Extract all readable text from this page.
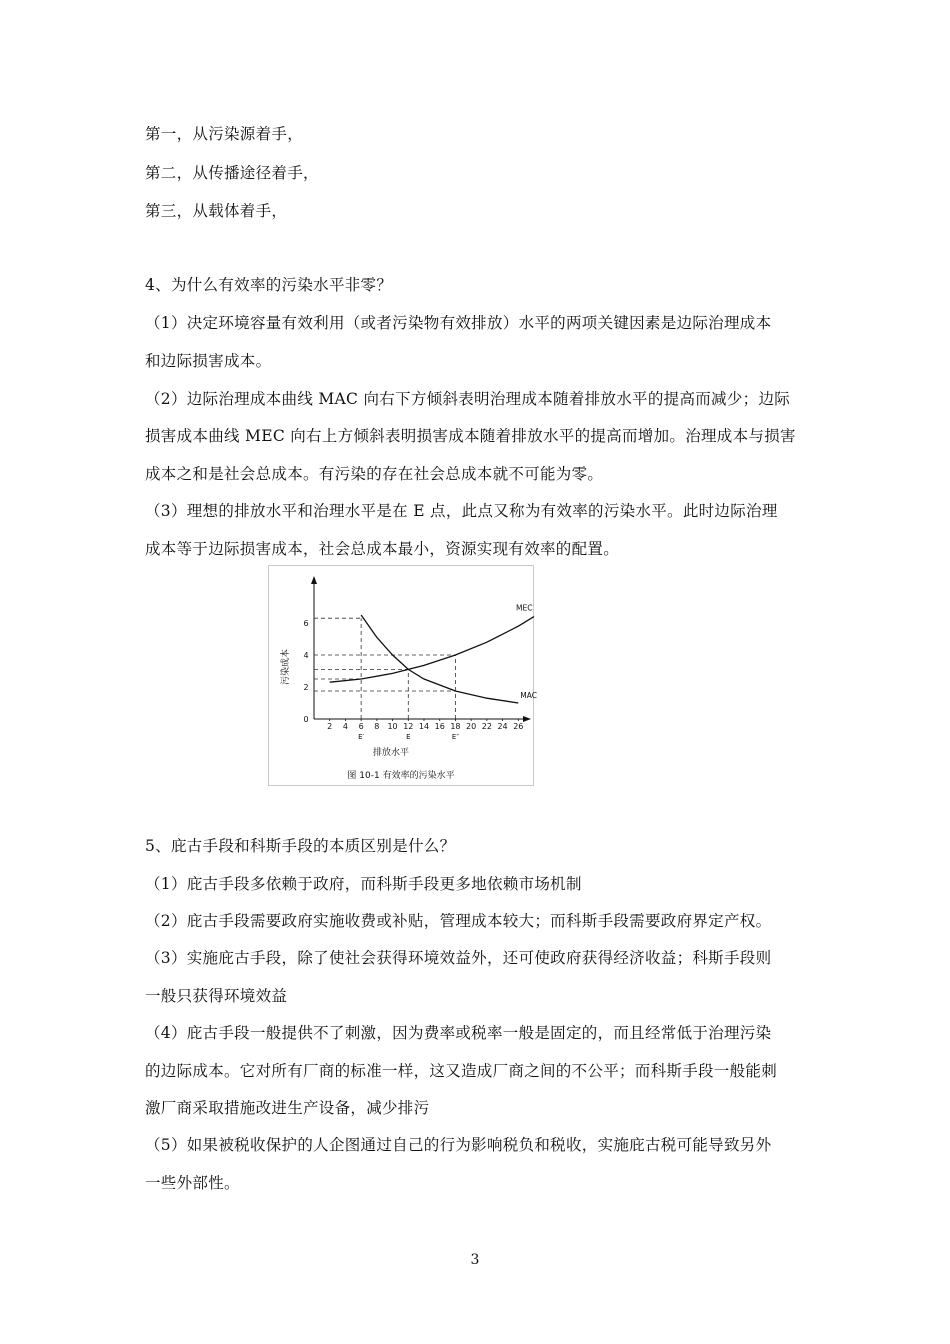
第一，从污染源着手，
第二，从传播途径着手，
第三，从载体着手，
4、为什么有效率的污染水平非零？
（1）决定环境容量有效利用（或者污染物有效排放）水平的两项关键因素是边际治理成本
和边际损害成本。
（2）边际治理成本曲线 MAC 向右下方倾斜表明治理成本随着排放水平的提高而减少；边际
损害成本曲线 MEC 向右上方倾斜表明损害成本随着排放水平的提高而增加。治理成本与损害
成本之和是社会总成本。有污染的存在社会总成本就不可能为零。
（3）理想的排放水平和治理水平是在 E 点，此点又称为有效率的污染水平。此时边际治理
成本等于边际损害成本，社会总成本最小，资源实现有效率的配置。
2 4 6 8 10 12 14 16 18 20 22 24 26
0
2
4
6
E′	E	E″
排放水平
污染成本
MEC
MAC
图 10-1 有效率的污染水平
5、庇古手段和科斯手段的本质区别是什么？
（1）庇古手段多依赖于政府，而科斯手段更多地依赖市场机制
（2）庇古手段需要政府实施收费或补贴，管理成本较大；而科斯手段需要政府界定产权。
（3）实施庇古手段，除了使社会获得环境效益外，还可使政府获得经济收益；科斯手段则
一般只获得环境效益
（4）庇古手段一般提供不了刺激，因为费率或税率一般是固定的，而且经常低于治理污染
的边际成本。它对所有厂商的标准一样，这又造成厂商之间的不公平；而科斯手段一般能刺
激厂商采取措施改进生产设备，减少排污
（5）如果被税收保护的人企图通过自己的行为影响税负和税收，实施庇古税可能导致另外
一些外部性。
3
